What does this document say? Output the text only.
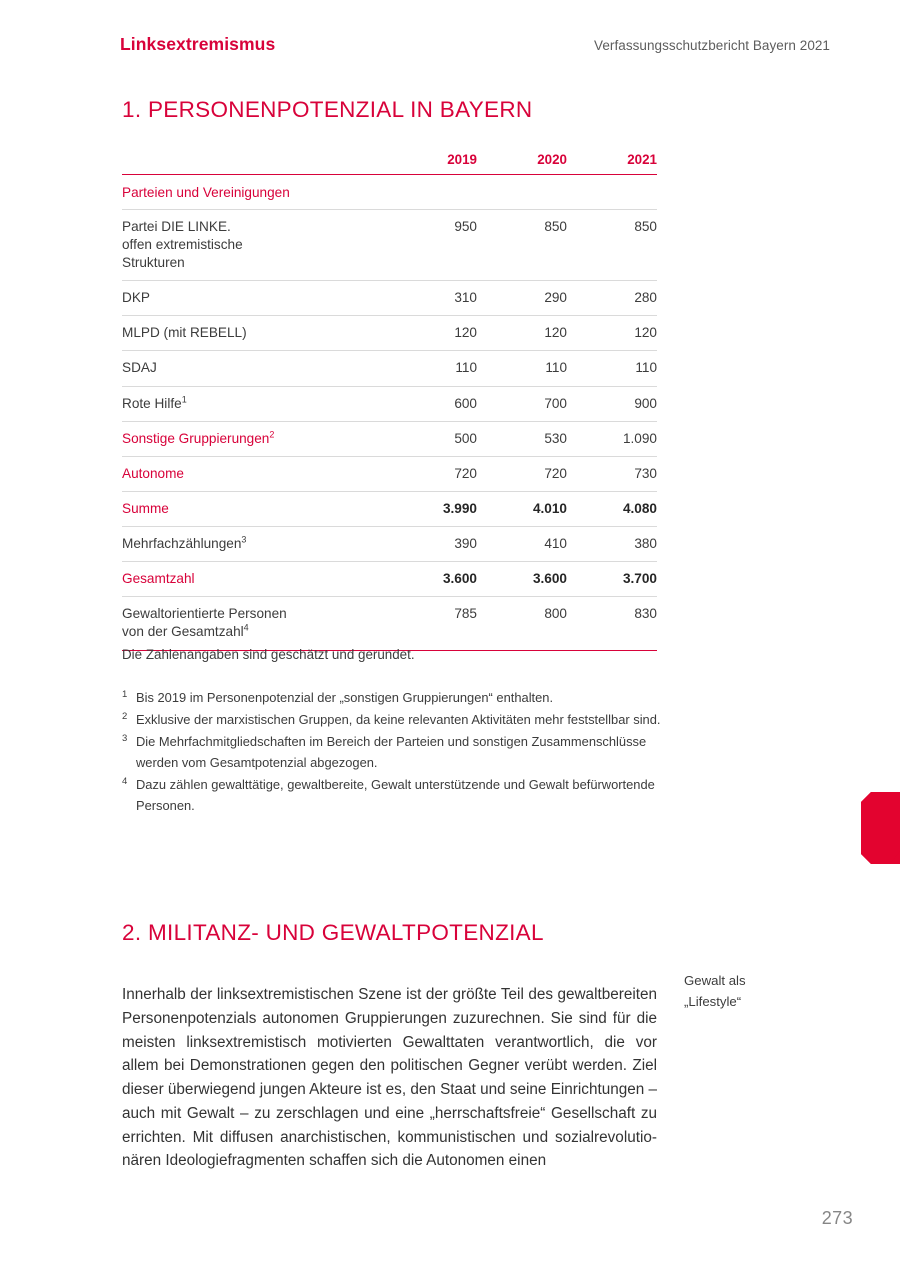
Linksextremismus	Verfassungsschutzbericht Bayern 2021
1. PERSONENPOTENZIAL IN BAYERN
	2019	2020	2021
Parteien und Vereinigungen			
Partei DIE LINKE.
offen extremistische
Strukturen	950	850	850
DKP	310	290	280
MLPD (mit REBELL)	120	120	120
SDAJ	110	110	110
Rote Hilfe$^1$	600	700	900
Sonstige Gruppierungen$^2$	500	530	1.090
Autonome	720	720	730
Summe	3.990	4.010	4.080
Mehrfachzählungen$^3$	390	410	380
Gesamtzahl	3.600	3.600	3.700
Gewaltorientierte Personen
von der Gesamtzahl$^4$	785	800	830
Die Zahlenangaben sind geschätzt und gerundet.
1 Bis 2019 im Personenpotenzial der „sonstigen Gruppierungen“ enthalten.
2 Exklusive der marxistischen Gruppen, da keine relevanten Aktivitäten mehr feststellbar sind.
3 Die Mehrfachmitgliedschaften im Bereich der Parteien und sonstigen Zusammenschlüsse werden vom Gesamtpotenzial abgezogen.
4 Dazu zählen gewalttätige, gewaltbereite, Gewalt unterstützende und Gewalt befürwortende Personen.
2. MILITANZ- UND GEWALTPOTENZIAL

Innerhalb der linksextremistischen Szene ist der größte Teil des gewaltbereiten Personenpotenzials autonomen Gruppierungen zuzurechnen. Sie sind für die meisten linksextremistisch motivierten Gewalttaten verantwortlich, die vor allem bei Demonstrationen gegen den politischen Gegner verübt werden. Ziel dieser überwiegend jungen Akteure ist es, den Staat und seine Einrichtungen – auch mit Gewalt – zu zerschlagen und eine „herrschaftsfreie“ Gesellschaft zu errichten. Mit diffusen anarchistischen, kommunistischen und sozialrevolutionären Ideologiefragmenten schaffen sich die Autonomen einen

Gewalt als
„Lifestyle“
273
